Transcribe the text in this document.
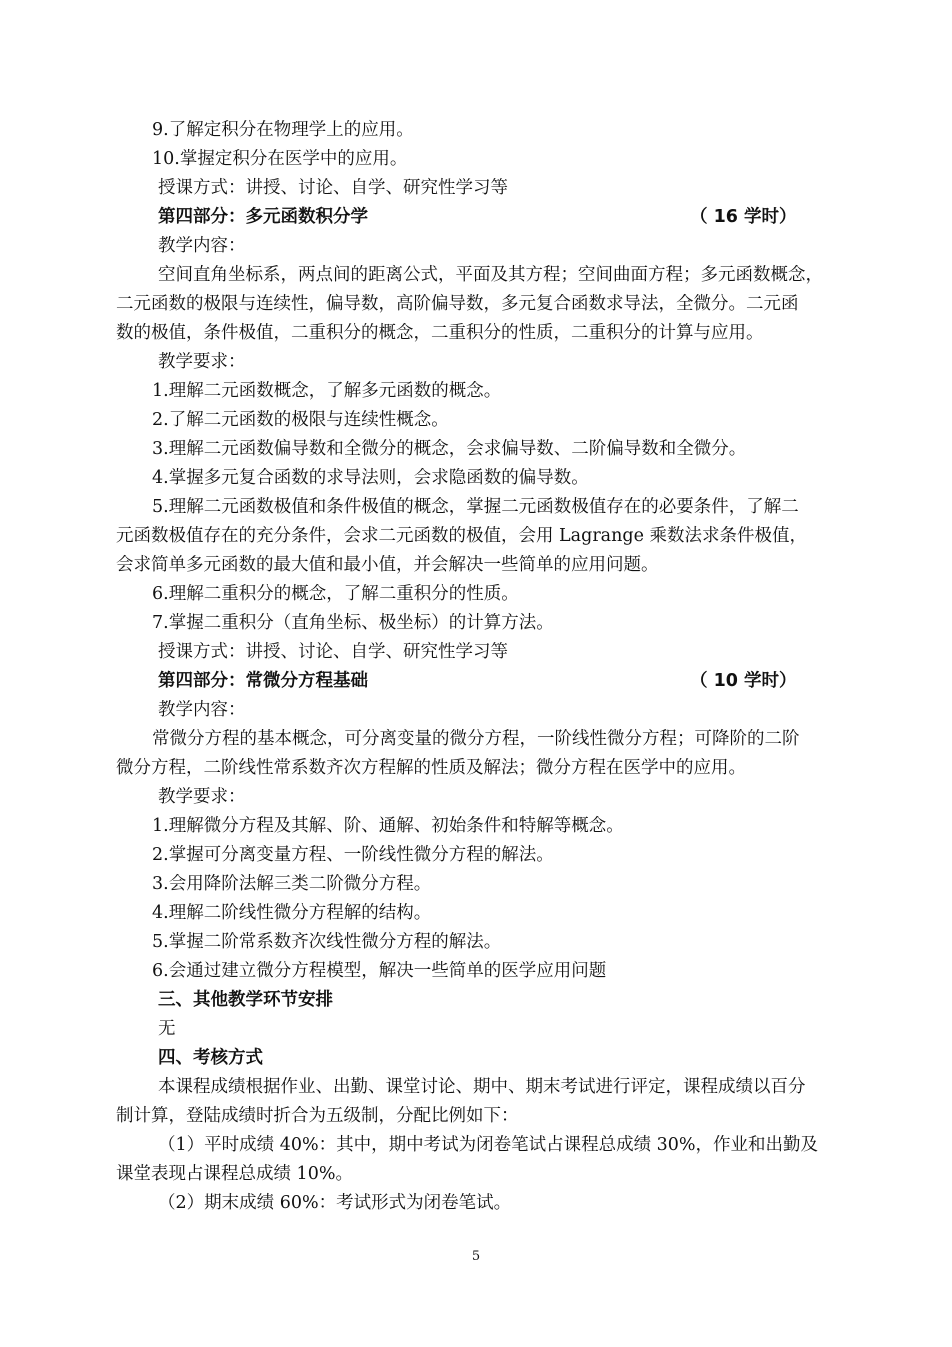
9.了解定积分在物理学上的应用。
10.掌握定积分在医学中的应用。
授课方式：讲授、讨论、自学、研究性学习等
第四部分：多元函数积分学	（ 16 学时）
教学内容：
空间直角坐标系，两点间的距离公式，平面及其方程；空间曲面方程；多元函数概念，
二元函数的极限与连续性，偏导数，高阶偏导数，多元复合函数求导法，全微分。二元函
数的极值，条件极值，二重积分的概念，二重积分的性质，二重积分的计算与应用。
教学要求：
1.理解二元函数概念，了解多元函数的概念。
2.了解二元函数的极限与连续性概念。
3.理解二元函数偏导数和全微分的概念，会求偏导数、二阶偏导数和全微分。
4.掌握多元复合函数的求导法则，会求隐函数的偏导数。
5.理解二元函数极值和条件极值的概念，掌握二元函数极值存在的必要条件，了解二
元函数极值存在的充分条件，会求二元函数的极值，会用 Lagrange 乘数法求条件极值，
会求简单多元函数的最大值和最小值，并会解决一些简单的应用问题。
6.理解二重积分的概念，了解二重积分的性质。
7.掌握二重积分（直角坐标、极坐标）的计算方法。
授课方式：讲授、讨论、自学、研究性学习等
第四部分：常微分方程基础	（ 10 学时）
教学内容：
常微分方程的基本概念，可分离变量的微分方程，一阶线性微分方程；可降阶的二阶
微分方程，二阶线性常系数齐次方程解的性质及解法；微分方程在医学中的应用。
教学要求：
1.理解微分方程及其解、阶、通解、初始条件和特解等概念。
2.掌握可分离变量方程、一阶线性微分方程的解法。
3.会用降阶法解三类二阶微分方程。
4.理解二阶线性微分方程解的结构。
5.掌握二阶常系数齐次线性微分方程的解法。
6.会通过建立微分方程模型，解决一些简单的医学应用问题
三、其他教学环节安排
无
四、考核方式
本课程成绩根据作业、出勤、课堂讨论、期中、期末考试进行评定，课程成绩以百分
制计算，登陆成绩时折合为五级制，分配比例如下：
（1）平时成绩 40%：其中，期中考试为闭卷笔试占课程总成绩 30%，作业和出勤及
课堂表现占课程总成绩 10%。
（2）期末成绩 60%：考试形式为闭卷笔试。
5
